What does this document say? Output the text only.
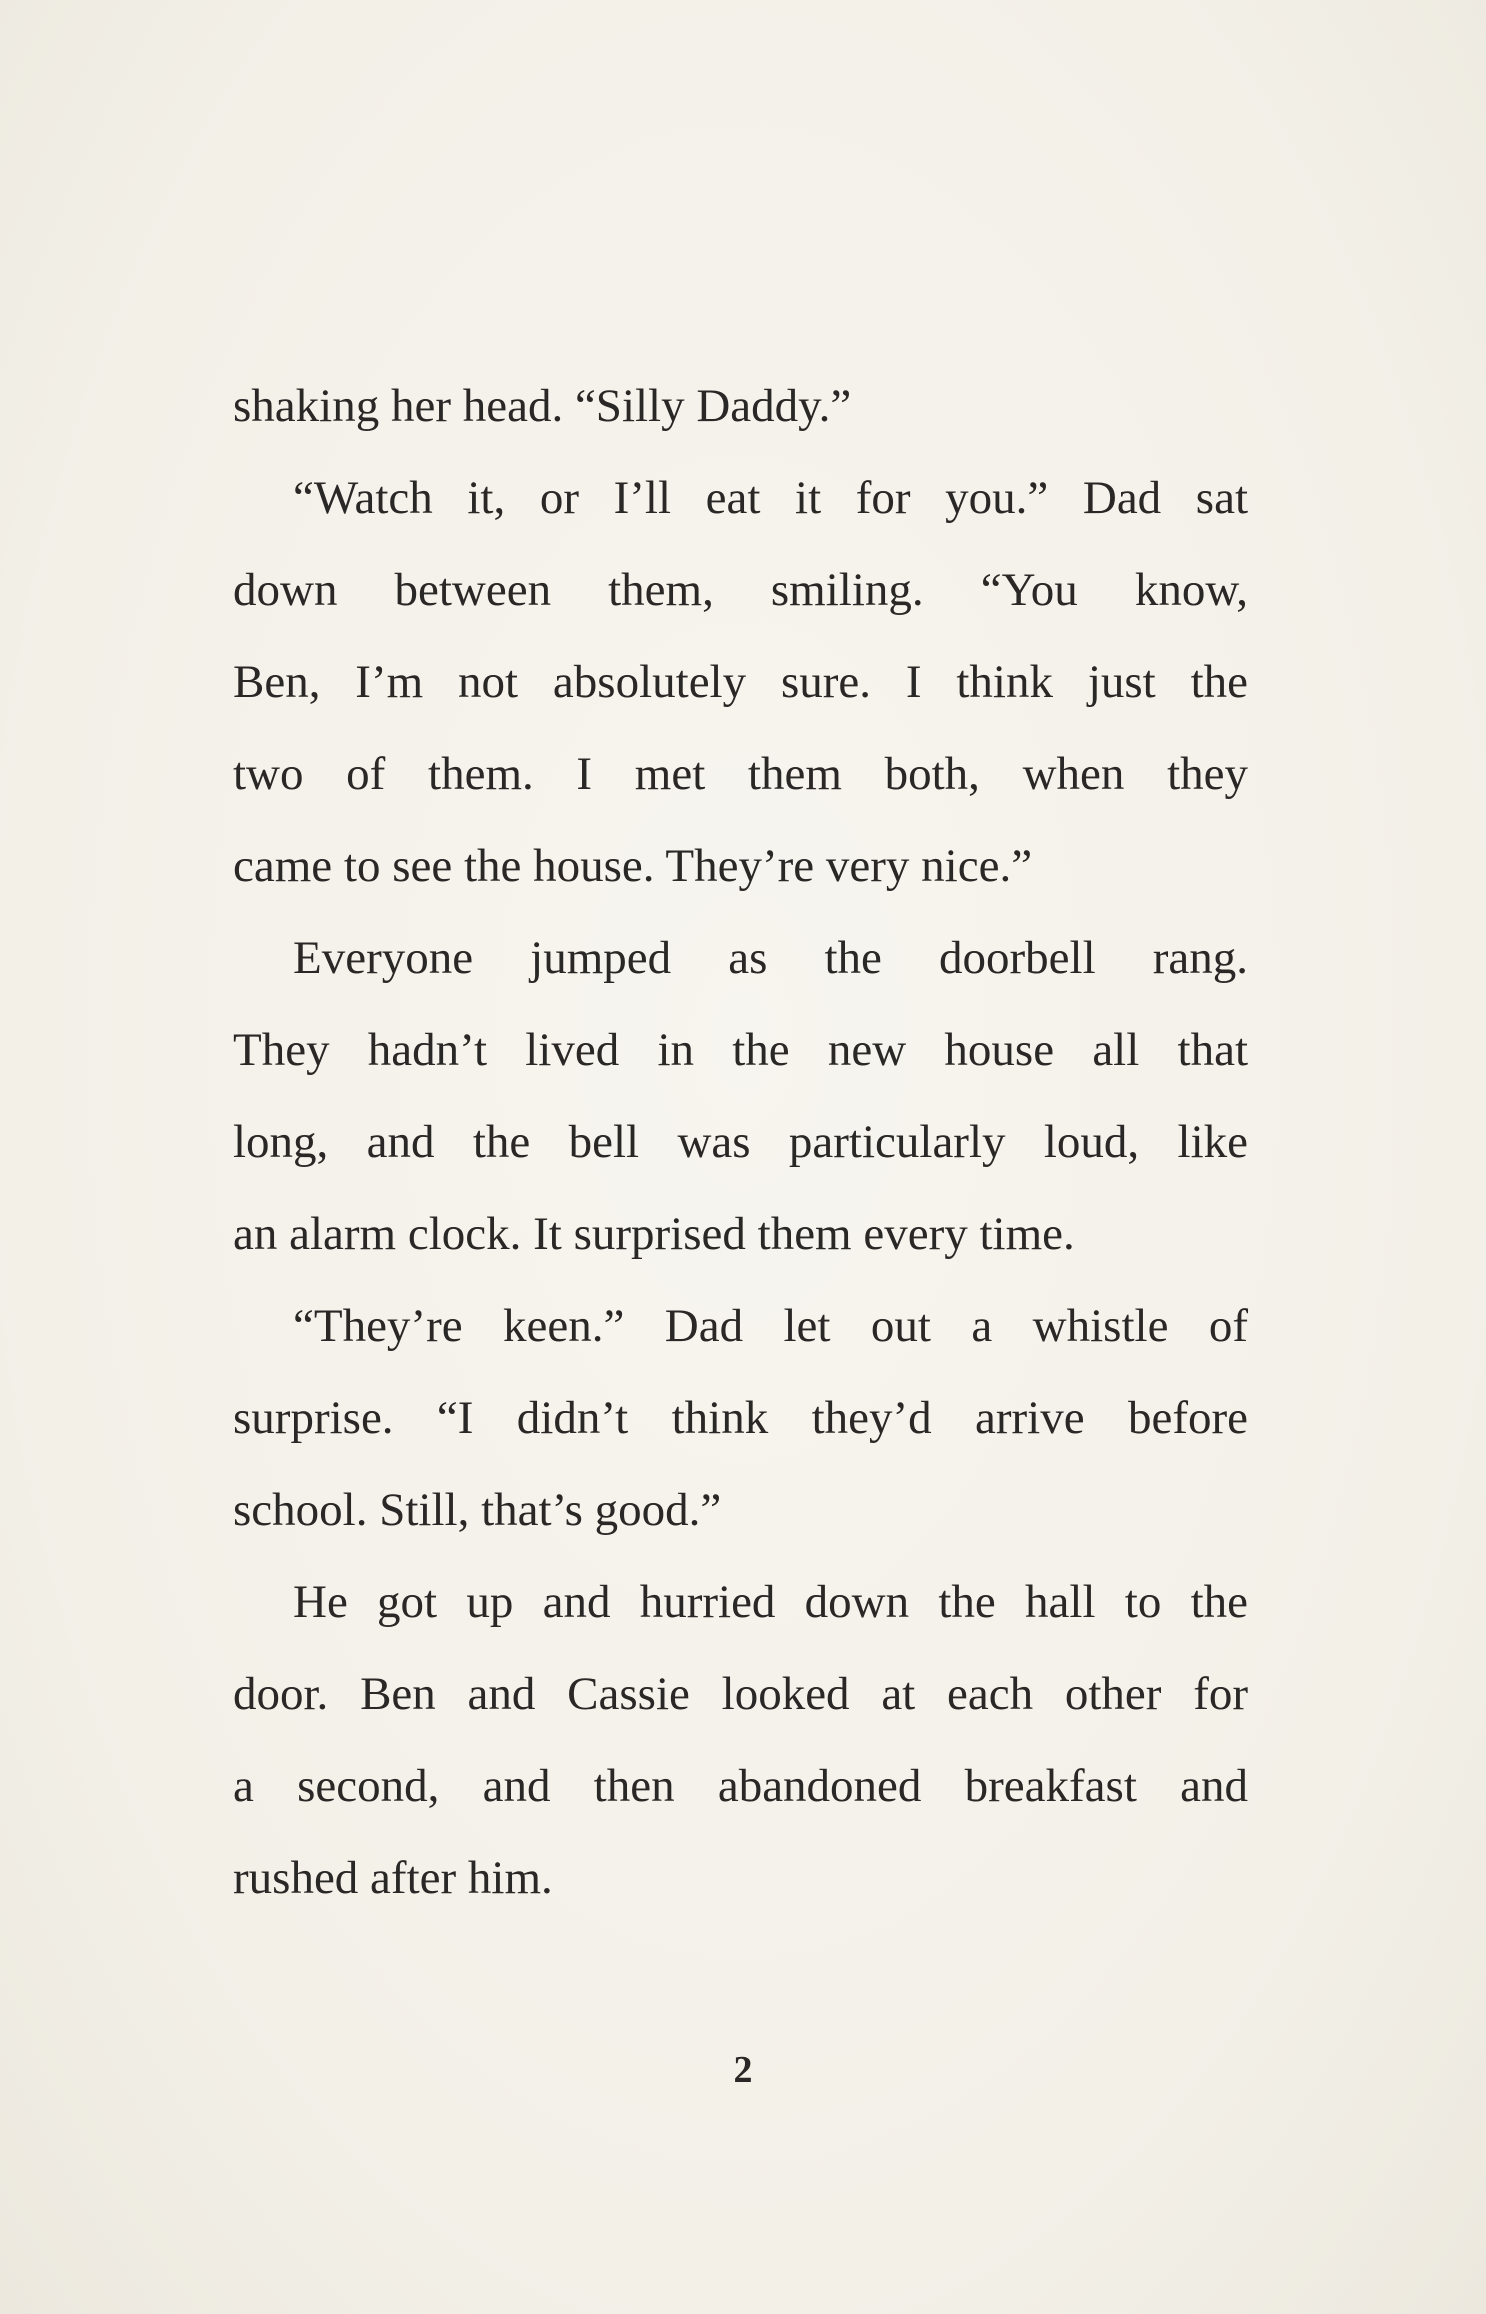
shaking her head. “Silly Daddy.”
“Watch it, or I’ll eat it for you.” Dad sat
down between them, smiling. “You know,
Ben, I’m not absolutely sure. I think just the
two of them. I met them both, when they
came to see the house. They’re very nice.”
Everyone jumped as the doorbell rang.
They hadn’t lived in the new house all that
long, and the bell was particularly loud, like
an alarm clock. It surprised them every time.
“They’re keen.” Dad let out a whistle of
surprise. “I didn’t think they’d arrive before
school. Still, that’s good.”
He got up and hurried down the hall to the
door. Ben and Cassie looked at each other for
a second, and then abandoned breakfast and
rushed after him.
2
